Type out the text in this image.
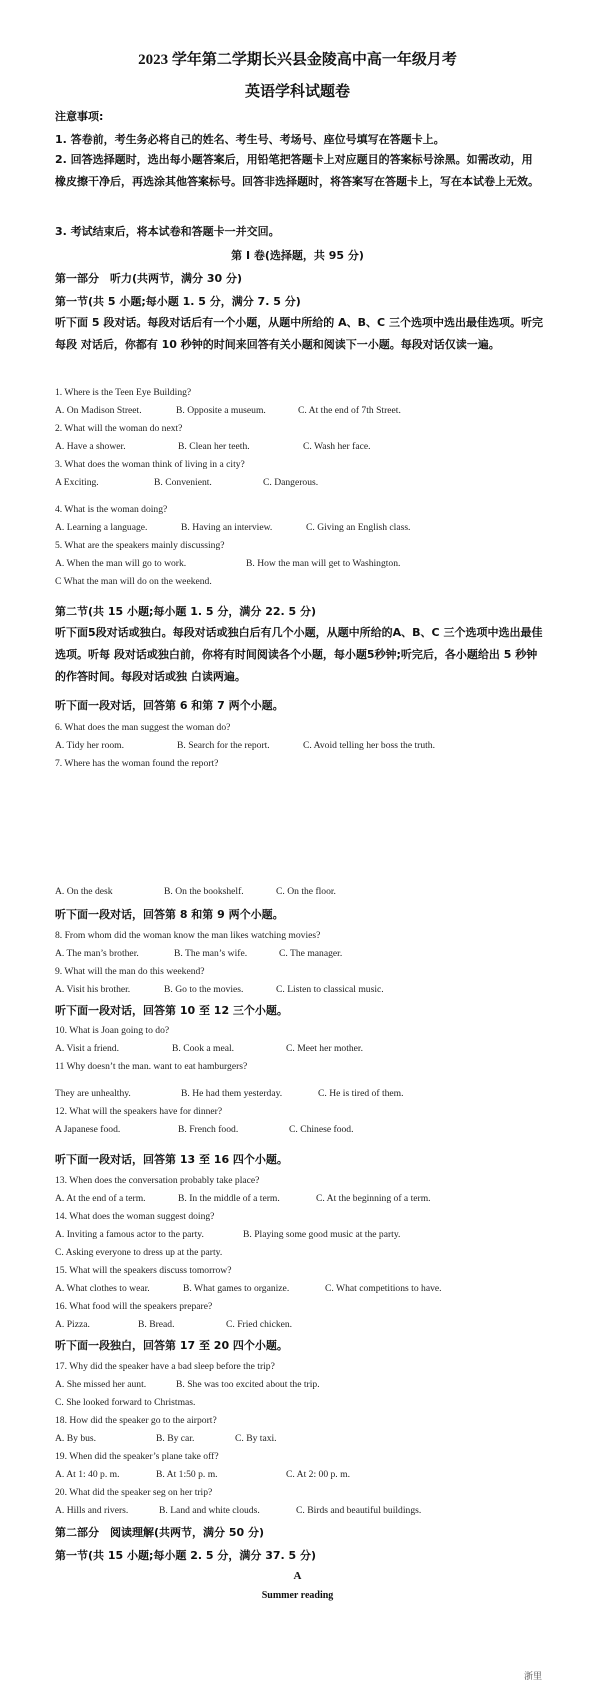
2023 学年第二学期长兴县金陵高中高一年级月考
英语学科试题卷
注意事项:
1. 答卷前，考生务必将自己的姓名、考生号、考场号、座位号填写在答题卡上。
2. 回答选择题时，选出每小题答案后，用铅笔把答题卡上对应题目的答案标号涂黑。如需改动，用橡皮擦干净后，再选涂其他答案标号。回答非选择题时，将答案写在答题卡上，写在本试卷上无效。
3. 考试结束后，将本试卷和答题卡一并交回。
第 I 卷(选择题，共 95 分)
第一部分　听力(共两节，满分 30 分)
第一节(共 5 小题;每小题 1. 5 分，满分 7. 5 分)
听下面 5 段对话。每段对话后有一个小题，从题中所给的 A、B、C 三个选项中选出最佳选项。听完每段 对话后，你都有 10 秒钟的时间来回答有关小题和阅读下一小题。每段对话仅读一遍。
1. Where is the Teen Eye Building?
A. On Madison Street.	B. Opposite a museum.	C. At the end of 7th Street.
2. What will the woman do next?
A. Have a shower.	B. Clean her teeth.	C. Wash her face.
3. What does the woman think of living in a city?
A Exciting.	B. Convenient.	C. Dangerous.
4. What is the woman doing?
A. Learning a language.	B. Having an interview.	C. Giving an English class.
5. What are the speakers mainly discussing?
A. When the man will go to work.	B. How the man will get to Washington.
C What the man will do on the weekend.
第二节(共 15 小题;每小题 1. 5 分，满分 22. 5 分)
听下面5段对话或独白。每段对话或独白后有几个小题，从题中所给的A、B、C 三个选项中选出最佳选项。听每 段对话或独白前，你将有时间阅读各个小题，每小题5秒钟;听完后，各小题给出 5 秒钟的作答时间。每段对话或独 白读两遍。
听下面一段对话，回答第 6 和第 7 两个小题。
6. What does the man suggest the woman do?
A. Tidy her room.	B. Search for the report.	C. Avoid telling her boss the truth.
7. Where has the woman found the report?
A. On the desk	B. On the bookshelf.	C. On the floor.
听下面一段对话，回答第 8 和第 9 两个小题。
8. From whom did the woman know the man likes watching movies?
A. The man’s brother.	B. The man’s wife.	C. The manager.
9. What will the man do this weekend?
A. Visit his brother.	B. Go to the movies.	C. Listen to classical music.
听下面一段对话，回答第 10 至 12 三个小题。
10. What is Joan going to do?
A. Visit a friend.	B. Cook a meal.	C. Meet her mother.
11 Why doesn’t the man. want to eat hamburgers?
They are unhealthy.	B. He had them yesterday.	C. He is tired of them.
12. What will the speakers have for dinner?
A Japanese food.	B. French food.	C. Chinese food.
听下面一段对话，回答第 13 至 16 四个小题。
13. When does the conversation probably take place?
A. At the end of a term.	B. In the middle of a term.	C. At the beginning of a term.
14. What does the woman suggest doing?
A. Inviting a famous actor to the party.	B. Playing some good music at the party.
C. Asking everyone to dress up at the party.
15. What will the speakers discuss tomorrow?
A. What clothes to wear.	B. What games to organize.	C. What competitions to have.
16. What food will the speakers prepare?
A. Pizza.	B. Bread.	C. Fried chicken.
听下面一段独白，回答第 17 至 20 四个小题。
17. Why did the speaker have a bad sleep before the trip?
A. She missed her aunt.	B. She was too excited about the trip.
C. She looked forward to Christmas.
18. How did the speaker go to the airport?
A. By bus.	B. By car.	C. By taxi.
19. When did the speaker’s plane take off?
A. At 1: 40 p. m.	B. At 1:50 p. m.	C. At 2: 00 p. m.
20. What did the speaker seg on her trip?
A. Hills and rivers.	B. Land and white clouds.	C. Birds and beautiful buildings.
第二部分　阅读理解(共两节，满分 50 分)
第一节(共 15 小题;每小题 2. 5 分，满分 37. 5 分)
A
Summer reading
浙里
